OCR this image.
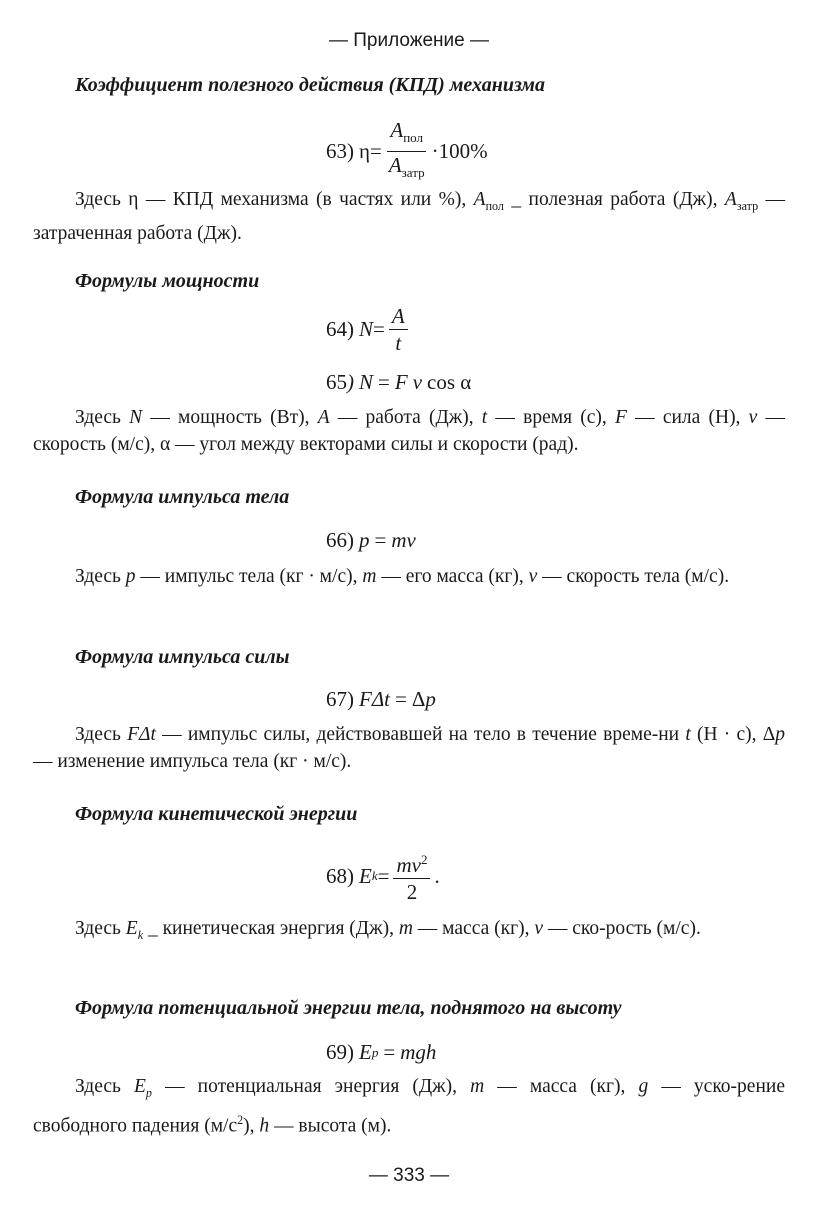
— Приложение —
Коэффициент полезного действия (КПД) механизма
63) $\eta = \frac{A_{пол}}{A_{затр}} \cdot 100\%$
Здесь η — КПД механизма (в частях или %), $A_{пол}$ _ полезная работа (Дж), $A_{затр}$ — затраченная работа (Дж).
Формулы мощности
64) $N = \frac{A}{t}$
65 ) N = F v cos α
Здесь N — мощность (Вт), A — работа (Дж), t — время (с), F — сила (Н), v — скорость (м/с), α — угол между векторами силы и скорости (рад).
Формула импульса тела
66) p = mv
Здесь p — импульс тела (кг · м/с), m — его масса (кг), v — скорость тела (м/с).
Формула импульса силы
67) FΔt = Δ p
Здесь FΔt — импульс силы, действовавшей на тело в течение време-ни t (Н · с), Δp — изменение импульса тела (кг · м/с).
Формула кинетической энергии
68) E $k = \frac{mv^2}{2}$ .
Здесь $E_k$ _ кинетическая энергия (Дж), m — масса (кг), v — ско-рость (м/с).
Формула потенциальной энергии тела, поднятого на высоту
69) E p = mgh
Здесь $E_p$ — потенциальная энергия (Дж), m — масса (кг), g — уско-рение свободного падения $(м/с^2)$, h — высота (м).
— 333 —
